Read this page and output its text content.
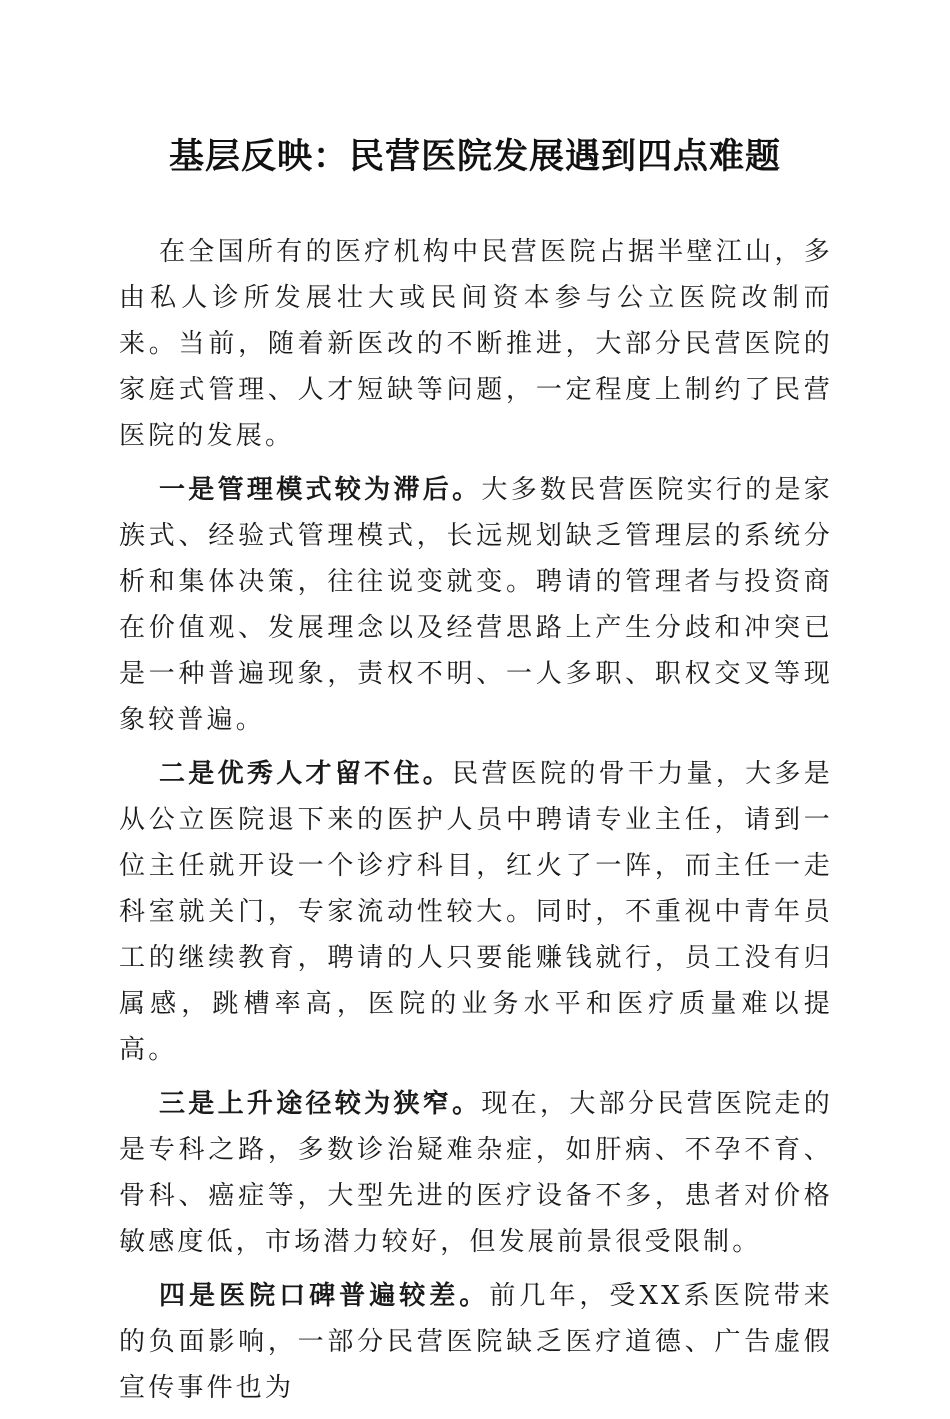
基层反映：民营医院发展遇到四点难题

在全国所有的医疗机构中民营医院占据半壁江山，多由私人诊所发展壮大或民间资本参与公立医院改制而来。当前，随着新医改的不断推进，大部分民营医院的家庭式管理、人才短缺等问题，一定程度上制约了民营医院的发展。

一是管理模式较为滞后。大多数民营医院实行的是家族式、经验式管理模式，长远规划缺乏管理层的系统分析和集体决策，往往说变就变。聘请的管理者与投资商在价值观、发展理念以及经营思路上产生分歧和冲突已是一种普遍现象，责权不明、一人多职、职权交叉等现象较普遍。

二是优秀人才留不住。民营医院的骨干力量，大多是从公立医院退下来的医护人员中聘请专业主任，请到一位主任就开设一个诊疗科目，红火了一阵，而主任一走科室就关门，专家流动性较大。同时，不重视中青年员工的继续教育，聘请的人只要能赚钱就行，员工没有归属感，跳槽率高，医院的业务水平和医疗质量难以提高。

三是上升途径较为狭窄。现在，大部分民营医院走的是专科之路，多数诊治疑难杂症，如肝病、不孕不育、骨科、癌症等，大型先进的医疗设备不多，患者对价格敏感度低，市场潜力较好，但发展前景很受限制。

四是医院口碑普遍较差。前几年，受XX系医院带来的负面影响，一部分民营医院缺乏医疗道德、广告虚假宣传事件也为
